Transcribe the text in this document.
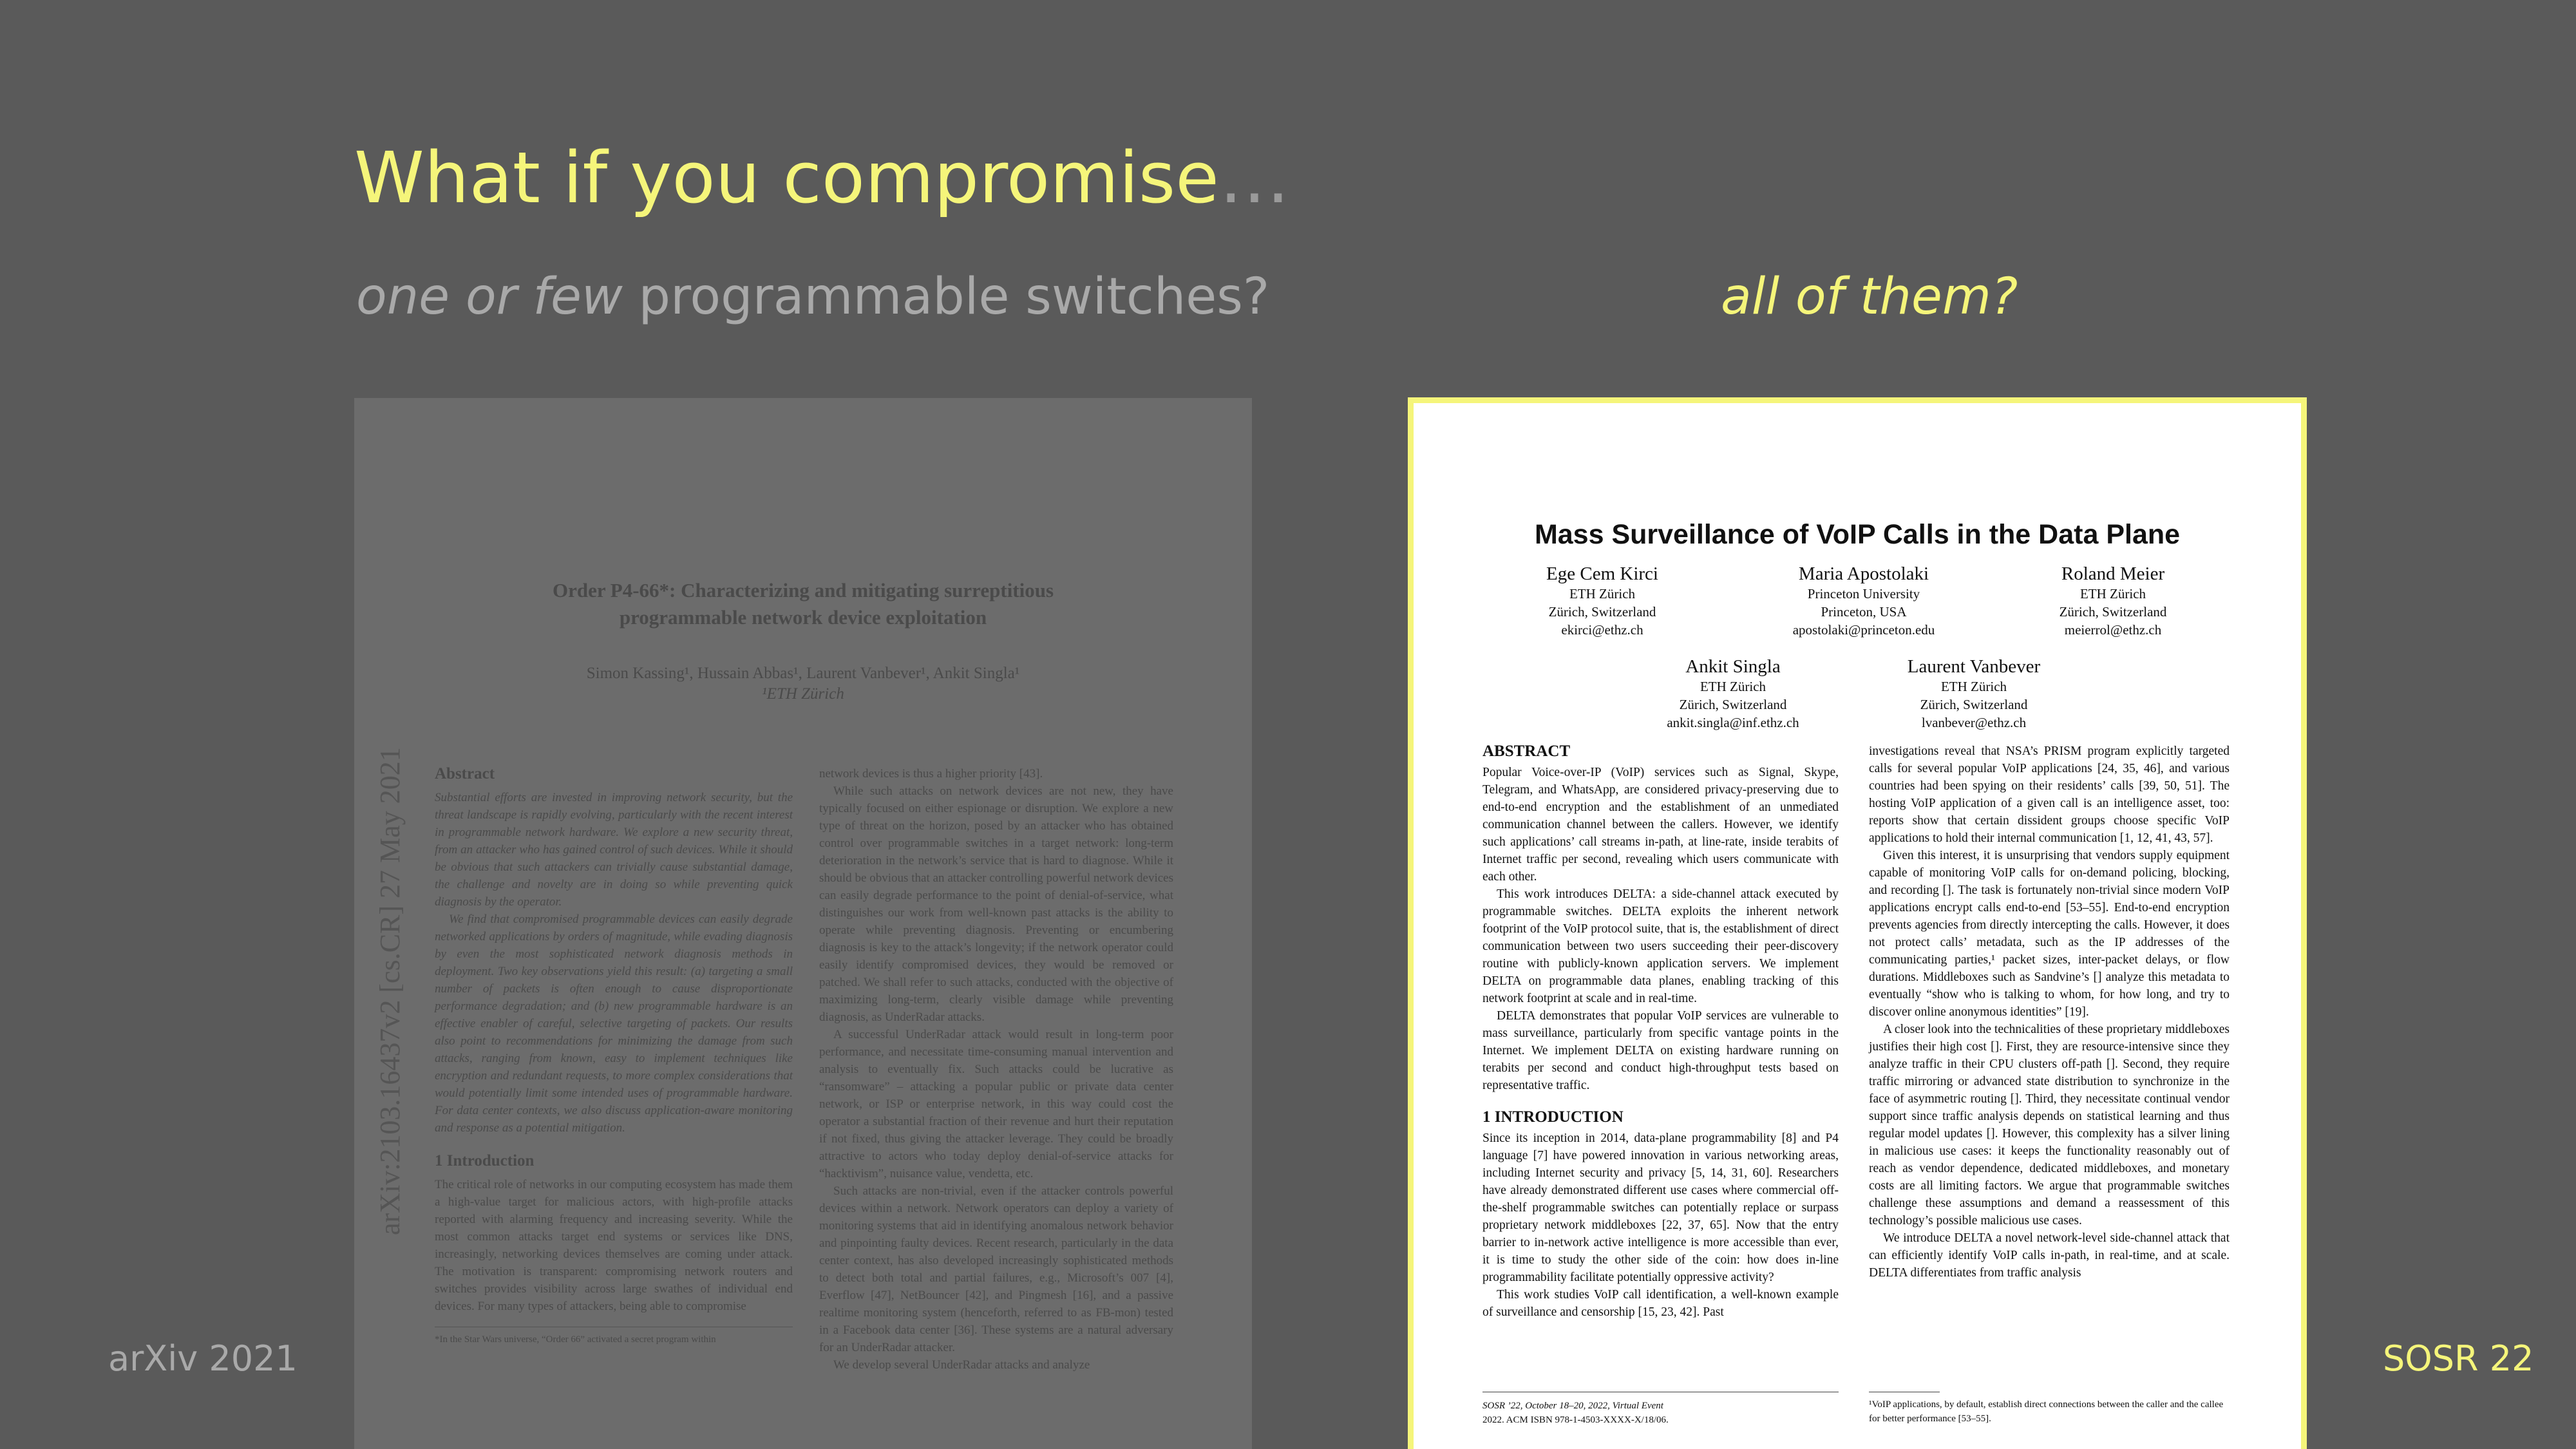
What if you compromise…
one or few programmable switches?	all of them?
Order P4-66*: Characterizing and mitigating surreptitious
programmable network device exploitation
Simon Kassing¹, Hussain Abbas¹, Laurent Vanbever¹, Ankit Singla¹
¹ETH Zürich
arXiv:2103.16437v2 [cs.CR] 27 May 2021 Abstract

Substantial efforts are invested in improving network security, but the threat landscape is rapidly evolving, particularly with the recent interest in programmable network hardware. We explore a new security threat, from an attacker who has gained control of such devices. While it should be obvious that such attackers can trivially cause substantial damage, the challenge and novelty are in doing so while preventing quick diagnosis by the operator.

We find that compromised programmable devices can easily degrade networked applications by orders of magnitude, while evading diagnosis by even the most sophisticated network diagnosis methods in deployment. Two key observations yield this result: (a) targeting a small number of packets is often enough to cause disproportionate performance degradation; and (b) new programmable hardware is an effective enabler of careful, selective targeting of packets. Our results also point to recommendations for minimizing the damage from such attacks, ranging from known, easy to implement techniques like encryption and redundant requests, to more complex considerations that would potentially limit some intended uses of programmable hardware. For data center contexts, we also discuss application-aware monitoring and response as a potential mitigation.

1 Introduction

The critical role of networks in our computing ecosystem has made them a high-value target for malicious actors, with high-profile attacks reported with alarming frequency and increasing severity. While the most common attacks target end systems or services like DNS, increasingly, networking devices themselves are coming under attack. The motivation is transparent: compromising network routers and switches provides visibility across large swathes of individual end devices. For many types of attackers, being able to compromise

*In the Star Wars universe, “Order 66” activated a secret program within

network devices is thus a higher priority [43].

While such attacks on network devices are not new, they have typically focused on either espionage or disruption. We explore a new type of threat on the horizon, posed by an attacker who has obtained control over programmable switches in a target network: long-term deterioration in the network’s service that is hard to diagnose. While it should be obvious that an attacker controlling powerful network devices can easily degrade performance to the point of denial-of-service, what distinguishes our work from well-known past attacks is the ability to operate while preventing diagnosis. Preventing or encumbering diagnosis is key to the attack’s longevity; if the network operator could easily identify compromised devices, they would be removed or patched. We shall refer to such attacks, conducted with the objective of maximizing long-term, clearly visible damage while preventing diagnosis, as UnderRadar attacks.

A successful UnderRadar attack would result in long-term poor performance, and necessitate time-consuming manual intervention and analysis to eventually fix. Such attacks could be lucrative as “ransomware” – attacking a popular public or private data center network, or ISP or enterprise network, in this way could cost the operator a substantial fraction of their revenue and hurt their reputation if not fixed, thus giving the attacker leverage. They could be broadly attractive to actors who today deploy denial-of-service attacks for “hacktivism”, nuisance value, vendetta, etc.

Such attacks are non-trivial, even if the attacker controls powerful devices within a network. Network operators can deploy a variety of monitoring systems that aid in identifying anomalous network behavior and pinpointing faulty devices. Recent research, particularly in the data center context, has also developed increasingly sophisticated methods to detect both total and partial failures, e.g., Microsoft’s 007 [4], Everflow [47], NetBouncer [42], and Pingmesh [16], and a passive realtime monitoring system (henceforth, referred to as FB-mon) tested in a Facebook data center [36]. These systems are a natural adversary for an UnderRadar attacker.

We develop several UnderRadar attacks and analyze

Mass Surveillance of VoIP Calls in the Data Plane
Ege Cem Kirci
ETH Zürich
Zürich, Switzerland
ekirci@ethz.ch
Maria Apostolaki
Princeton University
Princeton, USA
apostolaki@princeton.edu
Roland Meier
ETH Zürich
Zürich, Switzerland
meierrol@ethz.ch
Ankit Singla
ETH Zürich
Zürich, Switzerland
ankit.singla@inf.ethz.ch
Laurent Vanbever
ETH Zürich
Zürich, Switzerland
lvanbever@ethz.ch
ABSTRACT

Popular Voice-over-IP (VoIP) services such as Signal, Skype, Telegram, and WhatsApp, are considered privacy-preserving due to end-to-end encryption and the establishment of an unmediated communication channel between the callers. However, we identify such applications’ call streams in-path, at line-rate, inside terabits of Internet traffic per second, revealing which users communicate with each other.

This work introduces DELTA: a side-channel attack executed by programmable switches. DELTA exploits the inherent network footprint of the VoIP protocol suite, that is, the establishment of direct communication between two users succeeding their peer-discovery routine with publicly-known application servers. We implement DELTA on programmable data planes, enabling tracking of this network footprint at scale and in real-time.

DELTA demonstrates that popular VoIP services are vulnerable to mass surveillance, particularly from specific vantage points in the Internet. We implement DELTA on existing hardware running on terabits per second and conduct high-throughput tests based on representative traffic.

1 INTRODUCTION

Since its inception in 2014, data-plane programmability [8] and P4 language [7] have powered innovation in various networking areas, including Internet security and privacy [5, 14, 31, 60]. Researchers have already demonstrated different use cases where commercial off-the-shelf programmable switches can potentially replace or surpass proprietary network middleboxes [22, 37, 65]. Now that the entry barrier to in-network active intelligence is more accessible than ever, it is time to study the other side of the coin: how does in-line programmability facilitate potentially oppressive activity?

This work studies VoIP call identification, a well-known example of surveillance and censorship [15, 23, 42]. Past

investigations reveal that NSA’s PRISM program explicitly targeted calls for several popular VoIP applications [24, 35, 46], and various countries had been spying on their residents’ calls [39, 50, 51]. The hosting VoIP application of a given call is an intelligence asset, too: reports show that certain dissident groups choose specific VoIP applications to hold their internal communication [1, 12, 41, 43, 57].

Given this interest, it is unsurprising that vendors supply equipment capable of monitoring VoIP calls for on-demand policing, blocking, and recording []. The task is fortunately non-trivial since modern VoIP applications encrypt calls end-to-end [53–55]. End-to-end encryption prevents agencies from directly intercepting the calls. However, it does not protect calls’ metadata, such as the IP addresses of the communicating parties,¹ packet sizes, inter-packet delays, or flow durations. Middleboxes such as Sandvine’s [] analyze this metadata to eventually “show who is talking to whom, for how long, and try to discover online anonymous identities” [19].

A closer look into the technicalities of these proprietary middleboxes justifies their high cost []. First, they are resource-intensive since they analyze traffic in their CPU clusters off-path []. Second, they require traffic mirroring or advanced state distribution to synchronize in the face of asymmetric routing []. Third, they necessitate continual vendor support since traffic analysis depends on statistical learning and thus regular model updates []. However, this complexity has a silver lining in malicious use cases: it keeps the functionality reasonably out of reach as vendor dependence, dedicated middleboxes, and monetary costs are all limiting factors. We argue that programmable switches challenge these assumptions and demand a reassessment of this technology’s possible malicious use cases.

We introduce DELTA a novel network-level side-channel attack that can efficiently identify VoIP calls in-path, in real-time, and at scale. DELTA differentiates from traffic analysis

SOSR ’22, October 18–20, 2022, Virtual Event
2022. ACM ISBN 978-1-4503-XXXX-X/18/06.
¹VoIP applications, by default, establish direct connections between the caller and the callee for better performance [53–55].
arXiv 2021	SOSR 22
